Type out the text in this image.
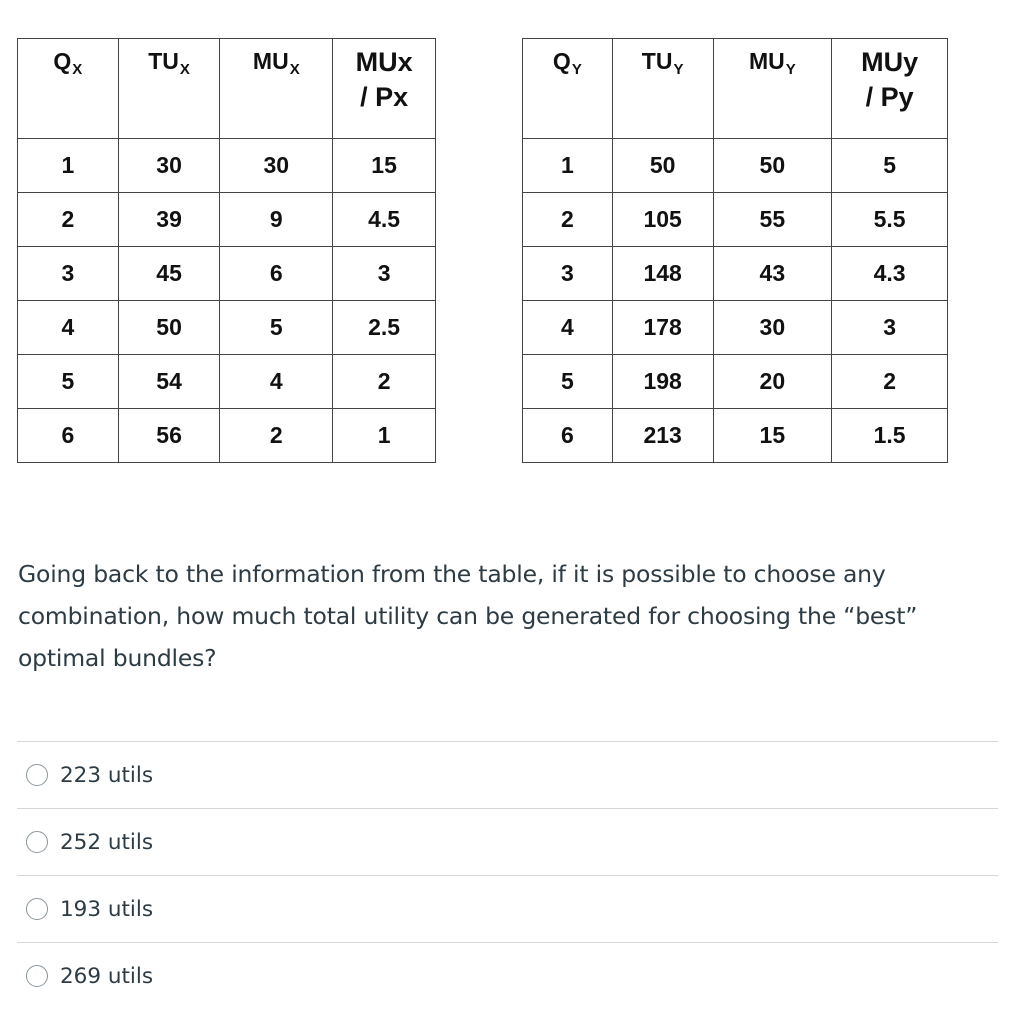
$Q_X$	$TU_X$	$MU_X$	MUx
/ Px
1	30	30	15
2	39	9	4.5
3	45	6	3
4	50	5	2.5
5	54	4	2
6	56	2	1
$Q_Y$	$TU_Y$	$MU_Y$	MUy
/ Py
1	50	50	5
2	105	55	5.5
3	148	43	4.3
4	178	30	3
5	198	20	2
6	213	15	1.5
Going back to the information from the table, if it is possible to choose any combination, how much total utility can be generated for choosing the “best” optimal bundles?
223 utils
252 utils
193 utils
269 utils
